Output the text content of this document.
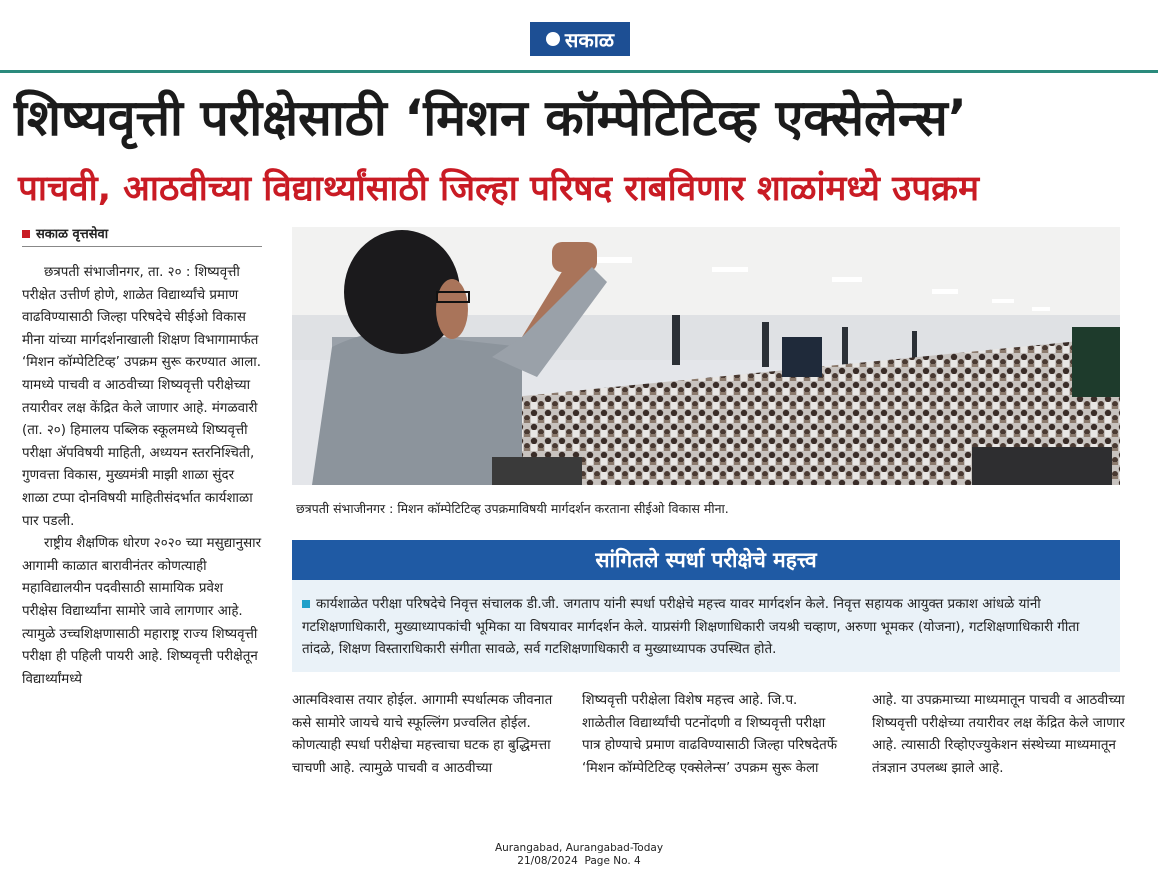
सकाळ
शिष्यवृत्ती परीक्षेसाठी ‘मिशन कॉम्पेटिटिव्ह एक्सेलेन्स’
पाचवी, आठवीच्या विद्यार्थ्यांसाठी जिल्हा परिषद राबविणार शाळांमध्ये उपक्रम
सकाळ वृत्तसेवा
छत्रपती संभाजीनगर, ता. २० : शिष्यवृत्ती परीक्षेत उत्तीर्ण होणे, शाळेत विद्यार्थ्यांचे प्रमाण वाढविण्यासाठी जिल्हा परिषदेचे सीईओ विकास मीना यांच्या मार्गदर्शनाखाली शिक्षण विभागामार्फत ‘मिशन कॉम्पेटिटिव्ह’ उपक्रम सुरू करण्यात आला. यामध्ये पाचवी व आठवीच्या शिष्यवृत्ती परीक्षेच्या तयारीवर लक्ष केंद्रित केले जाणार आहे. मंगळवारी (ता. २०) हिमालय पब्लिक स्कूलमध्ये शिष्यवृत्ती परीक्षा ॲपविषयी माहिती, अध्ययन स्तरनिश्चिती, गुणवत्ता विकास, मुख्यमंत्री माझी शाळा सुंदर शाळा टप्पा दोनविषयी माहितीसंदर्भात कार्यशाळा पार पडली.
राष्ट्रीय शैक्षणिक धोरण २०२० च्या मसुद्यानुसार आगामी काळात बारावीनंतर कोणत्याही महाविद्यालयीन पदवीसाठी सामायिक प्रवेश परीक्षेस विद्यार्थ्यांना सामोरे जावे लागणार आहे. त्यामुळे उच्चशिक्षणासाठी महाराष्ट्र राज्य शिष्यवृत्ती परीक्षा ही पहिली पायरी आहे. शिष्यवृत्ती परीक्षेतून विद्यार्थ्यांमध्ये
छत्रपती संभाजीनगर : मिशन कॉम्पेटिटिव्ह उपक्रमाविषयी मार्गदर्शन करताना सीईओ विकास मीना.
सांगितले स्पर्धा परीक्षेचे महत्त्व
कार्यशाळेत परीक्षा परिषदेचे निवृत्त संचालक डी.जी. जगताप यांनी स्पर्धा परीक्षेचे महत्त्व यावर मार्गदर्शन केले. निवृत्त सहायक आयुक्त प्रकाश आंधळे यांनी गटशिक्षणाधिकारी, मुख्याध्यापकांची भूमिका या विषयावर मार्गदर्शन केले. याप्रसंगी शिक्षणाधिकारी जयश्री चव्हाण, अरुणा भूमकर (योजना), गटशिक्षणाधिकारी गीता तांदळे, शिक्षण विस्ताराधिकारी संगीता सावळे, सर्व गटशिक्षणाधिकारी व मुख्याध्यापक उपस्थित होते.
आत्मविश्वास तयार होईल. आगामी स्पर्धात्मक जीवनात कसे सामोरे जायचे याचे स्फूल्लिंग प्रज्वलित होईल. कोणत्याही स्पर्धा परीक्षेचा महत्त्वाचा घटक हा बुद्धिमत्ता चाचणी आहे. त्यामुळे पाचवी व आठवीच्या
शिष्यवृत्ती परीक्षेला विशेष महत्त्व आहे. जि.प. शाळेतील विद्यार्थ्यांची पटनोंदणी व शिष्यवृत्ती परीक्षा पात्र होण्याचे प्रमाण वाढविण्यासाठी जिल्हा परिषदेतर्फे ‘मिशन कॉम्पेटिटिव्ह एक्सेलेन्स’ उपक्रम सुरू केला
आहे. या उपक्रमाच्या माध्यमातून पाचवी व आठवीच्या शिष्यवृत्ती परीक्षेच्या तयारीवर लक्ष केंद्रित केले जाणार आहे. त्यासाठी रिव्होएज्युकेशन संस्थेच्या माध्यमातून तंत्रज्ञान उपलब्ध झाले आहे.
Aurangabad, Aurangabad-Today
21/08/2024  Page No. 4
